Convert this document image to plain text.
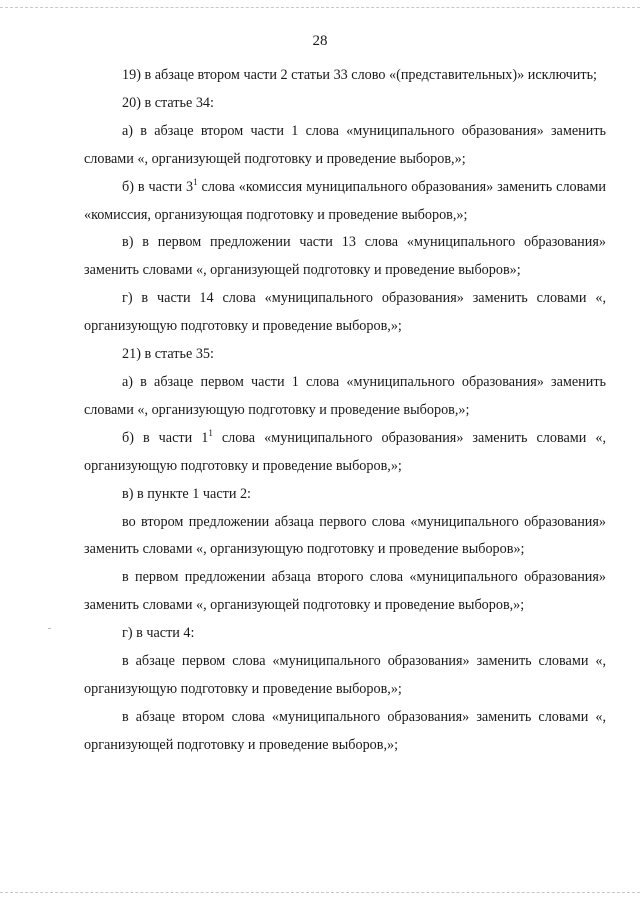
28

19) в абзаце втором части 2 статьи 33 слово «(представительных)» исключить;

20) в статье 34:

а) в абзаце втором части 1 слова «муниципального образования» заменить словами «, организующей подготовку и проведение выборов,»;

б) в части $3^1$ слова «комиссия муниципального образования» заменить словами «комиссия, организующая подготовку и проведение выборов,»;

в) в первом предложении части 13 слова «муниципального образования» заменить словами «, организующей подготовку и проведение выборов»;

г) в части 14 слова «муниципального образования» заменить словами «, организующую подготовку и проведение выборов,»;

21) в статье 35:

а) в абзаце первом части 1 слова «муниципального образования» заменить словами «, организующую подготовку и проведение выборов,»;

б) в части $1^1$ слова «муниципального образования» заменить словами «, организующую подготовку и проведение выборов,»;

в) в пункте 1 части 2:

во втором предложении абзаца первого слова «муниципального образования» заменить словами «, организующую подготовку и проведение выборов»;

в первом предложении абзаца второго слова «муниципального образования» заменить словами «, организующей подготовку и проведение выборов,»;

г) в части 4:

в абзаце первом слова «муниципального образования» заменить словами «, организующую подготовку и проведение выборов,»;

в абзаце втором слова «муниципального образования» заменить словами «, организующей подготовку и проведение выборов,»;
